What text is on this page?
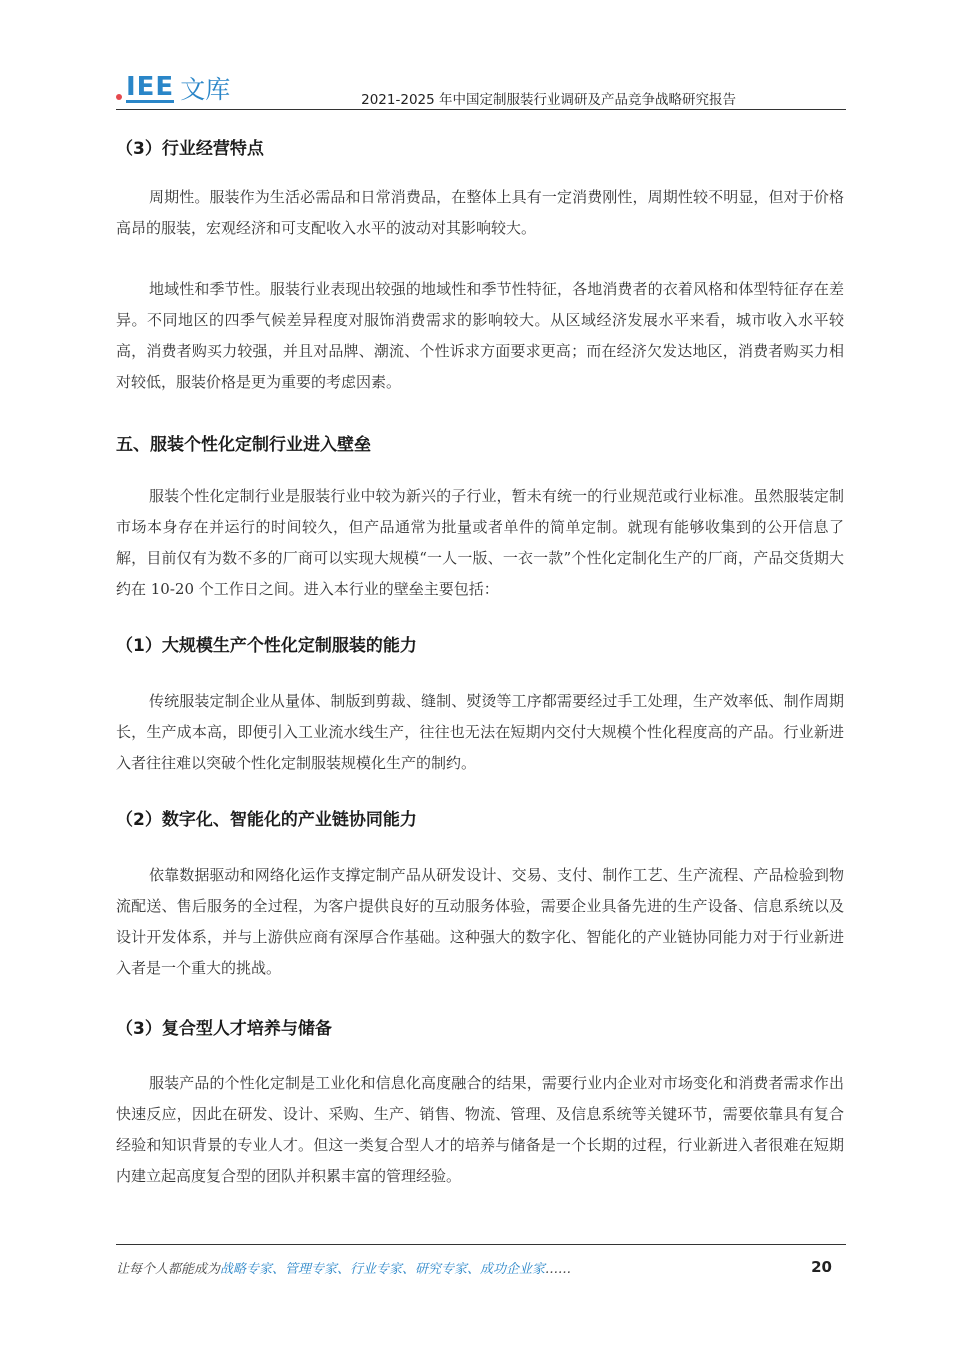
IEE 文库	2021-2025 年中国定制服装行业调研及产品竞争战略研究报告
（3）行业经营特点

周期性。服装作为生活必需品和日常消费品，在整体上具有一定消费刚性，周期性较不明显，但对于价格高昂的服装，宏观经济和可支配收入水平的波动对其影响较大。

地域性和季节性。服装行业表现出较强的地域性和季节性特征，各地消费者的衣着风格和体型特征存在差异。不同地区的四季气候差异程度对服饰消费需求的影响较大。从区域经济发展水平来看，城市收入水平较高，消费者购买力较强，并且对品牌、潮流、个性诉求方面要求更高；而在经济欠发达地区，消费者购买力相对较低，服装价格是更为重要的考虑因素。

五、服装个性化定制行业进入壁垒

服装个性化定制行业是服装行业中较为新兴的子行业，暂未有统一的行业规范或行业标准。虽然服装定制市场本身存在并运行的时间较久，但产品通常为批量或者单件的简单定制。就现有能够收集到的公开信息了解，目前仅有为数不多的厂商可以实现大规模“一人一版、一衣一款”个性化定制化生产的厂商，产品交货期大约在 10-20 个工作日之间。进入本行业的壁垒主要包括：

（1）大规模生产个性化定制服装的能力

传统服装定制企业从量体、制版到剪裁、缝制、熨烫等工序都需要经过手工处理，生产效率低、制作周期长，生产成本高，即便引入工业流水线生产，往往也无法在短期内交付大规模个性化程度高的产品。行业新进入者往往难以突破个性化定制服装规模化生产的制约。

（2）数字化、智能化的产业链协同能力

依靠数据驱动和网络化运作支撑定制产品从研发设计、交易、支付、制作工艺、生产流程、产品检验到物流配送、售后服务的全过程，为客户提供良好的互动服务体验，需要企业具备先进的生产设备、信息系统以及设计开发体系，并与上游供应商有深厚合作基础。这种强大的数字化、智能化的产业链协同能力对于行业新进入者是一个重大的挑战。

（3）复合型人才培养与储备

服装产品的个性化定制是工业化和信息化高度融合的结果，需要行业内企业对市场变化和消费者需求作出快速反应，因此在研发、设计、采购、生产、销售、物流、管理、及信息系统等关键环节，需要依靠具有复合经验和知识背景的专业人才。但这一类复合型人才的培养与储备是一个长期的过程，行业新进入者很难在短期内建立起高度复合型的团队并积累丰富的管理经验。

让每个人都能成为战略专家、管理专家、行业专家、研究专家、成功企业家……	20
